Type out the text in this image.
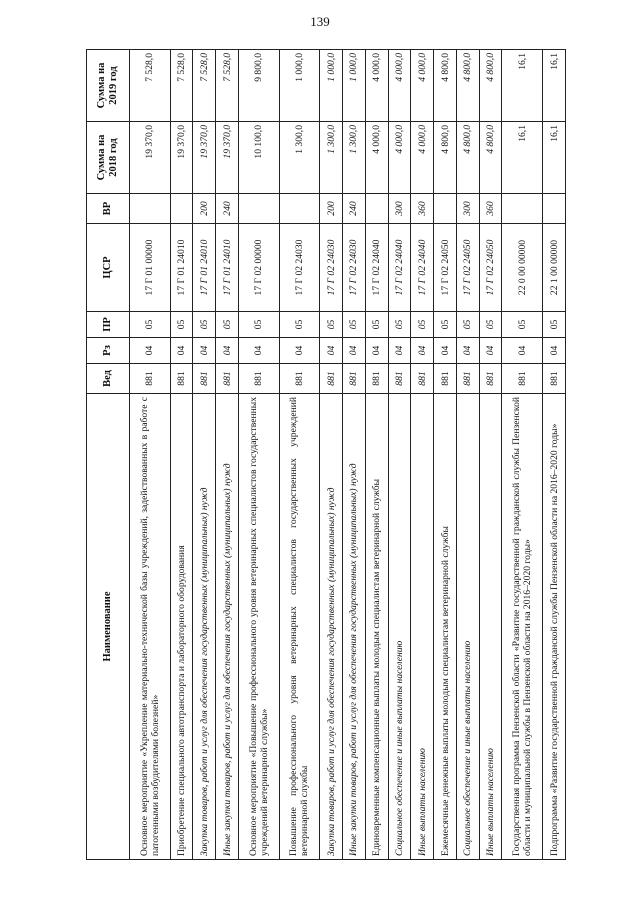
139
Наименование	Вед	Рз	ПР	ЦСР	ВР	Сумма на 2018 год	Сумма на 2019 год
Основное мероприятие «Укрепление материально-технической базы учреждений, задействованных в работе с патогенными возбудителями болезней»	881	04	05	17 Г 01 00000		19 370,0	7 528,0
Приобретение специального автотранспорта и лабораторного оборудования	881	04	05	17 Г 01 24010		19 370,0	7 528,0
Закупка товаров, работ и услуг для обеспечения государственных (муниципальных) нужд	881	04	05	17 Г 01 24010	200	19 370,0	7 528,0
Иные закупки товаров, работ и услуг для обеспечения государственных (муниципальных) нужд	881	04	05	17 Г 01 24010	240	19 370,0	7 528,0
Основное мероприятие «Повышение профессионального уровня ветеринарных специалистов государственных учреждений ветеринарной службы»	881	04	05	17 Г 02 00000		10 100,0	9 800,0
Повышение профессионального уровня ветеринарных специалистов государственных учреждений ветеринарной службы	881	04	05	17 Г 02 24030		1 300,0	1 000,0
Закупка товаров, работ и услуг для обеспечения государственных (муниципальных) нужд	881	04	05	17 Г 02 24030	200	1 300,0	1 000,0
Иные закупки товаров, работ и услуг для обеспечения государственных (муниципальных) нужд	881	04	05	17 Г 02 24030	240	1 300,0	1 000,0
Единовременные компенсационные выплаты молодым специалистам ветеринарной службы	881	04	05	17 Г 02 24040		4 000,0	4 000,0
Социальное обеспечение и иные выплаты населению	881	04	05	17 Г 02 24040	300	4 000,0	4 000,0
Иные выплаты населению	881	04	05	17 Г 02 24040	360	4 000,0	4 000,0
Ежемесячные денежные выплаты молодым специалистам ветеринарной службы	881	04	05	17 Г 02 24050		4 800,0	4 800,0
Социальное обеспечение и иные выплаты населению	881	04	05	17 Г 02 24050	300	4 800,0	4 800,0
Иные выплаты населению	881	04	05	17 Г 02 24050	360	4 800,0	4 800,0
Государственная программа Пензенской области «Развитие государственной гражданской службы Пензенской области и муниципальной службы в Пензенской области на 2016–2020 годы»	881	04	05	22 0 00 00000		16,1	16,1
Подпрограмма «Развитие государственной гражданской службы Пензенской области на 2016–2020 годы»	881	04	05	22 1 00 00000		16,1	16,1
